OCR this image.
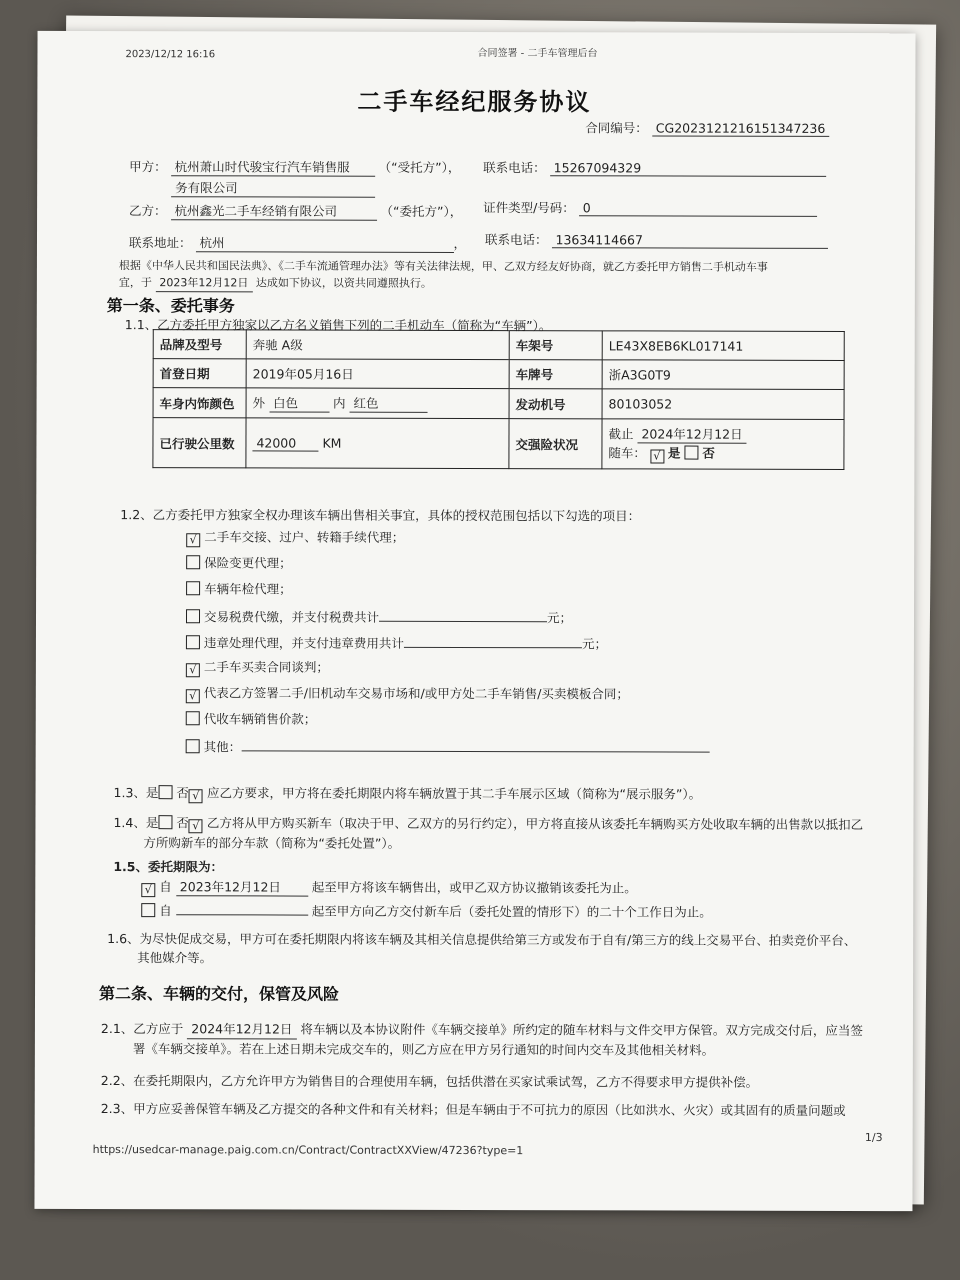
2023/12/12 16:16	合同签署 - 二手车管理后台
二手车经纪服务协议
合同编号： CG2023121216151347236
甲方： 杭州萧山时代骏宝行汽车销售服 （“受托方”），
务有限公司
联系电话： 15267094329
乙方： 杭州鑫光二手车经销有限公司	（“委托方”）， 证件类型/号码： 0
联系地址： 杭州	， 联系电话： 13634114667
根据《中华人民共和国民法典》、《二手车流通管理办法》等有关法律法规，甲、乙双方经友好协商，就乙方委托甲方销售二手机动车事
宜，于 2023年12月12日 达成如下协议，以资共同遵照执行。
第一条、委托事务
1.1、乙方委托甲方独家以乙方名义销售下列的二手机动车（简称为“车辆”）。
品牌及型号	奔驰 A级	车架号	LE43X8EB6KL017141
首登日期	2019年05月16日	车牌号	浙A3G0T9
车身内饰颜色	外 白色 内 红色	发动机号	80103052
已行驶公里数	42000 KM	交强险状况	截止 2024年12月12日
随车： √ 是 否
1.2、乙方委托甲方独家全权办理该车辆出售相关事宜，具体的授权范围包括以下勾选的项目：
√ 二手车交接、过户、转籍手续代理；
保险变更代理；
车辆年检代理；
交易税费代缴，并支付税费共计	元；
违章处理代理，并支付违章费用共计	元；
√ 二手车买卖合同谈判；
√ 代表乙方签署二手/旧机动车交易市场和/或甲方处二手车销售/买卖模板合同；
代收车辆销售价款；
其他：
1.3、是 否 √ 应乙方要求，甲方将在委托期限内将车辆放置于其二手车展示区域（简称为“展示服务”）。
1.4、是 否 √ 乙方将从甲方购买新车（取决于甲、乙双方的另行约定），甲方将直接从该委托车辆购买方处收取车辆的出售款以抵扣乙
方所购新车的部分车款（简称为“委托处置”）。
1.5、委托期限为：
√ 自 2023年12月12日 起至甲方将该车辆售出，或甲乙双方协议撤销该委托为止。
自	起至甲方向乙方交付新车后（委托处置的情形下）的二十个工作日为止。
1.6、为尽快促成交易，甲方可在委托期限内将该车辆及其相关信息提供给第三方或发布于自有/第三方的线上交易平台、拍卖竞价平台、
其他媒介等。
第二条、车辆的交付，保管及风险
2.1、乙方应于 2024年12月12日 将车辆以及本协议附件《车辆交接单》所约定的随车材料与文件交甲方保管。双方完成交付后，应当签
署《车辆交接单》。若在上述日期未完成交车的，则乙方应在甲方另行通知的时间内交车及其他相关材料。
2.2、在委托期限内，乙方允许甲方为销售目的合理使用车辆，包括供潜在买家试乘试驾，乙方不得要求甲方提供补偿。
2.3、甲方应妥善保管车辆及乙方提交的各种文件和有关材料；但是车辆由于不可抗力的原因（比如洪水、火灾）或其固有的质量问题或
1/3
https://usedcar-manage.paig.com.cn/Contract/ContractXXView/47236?type=1
